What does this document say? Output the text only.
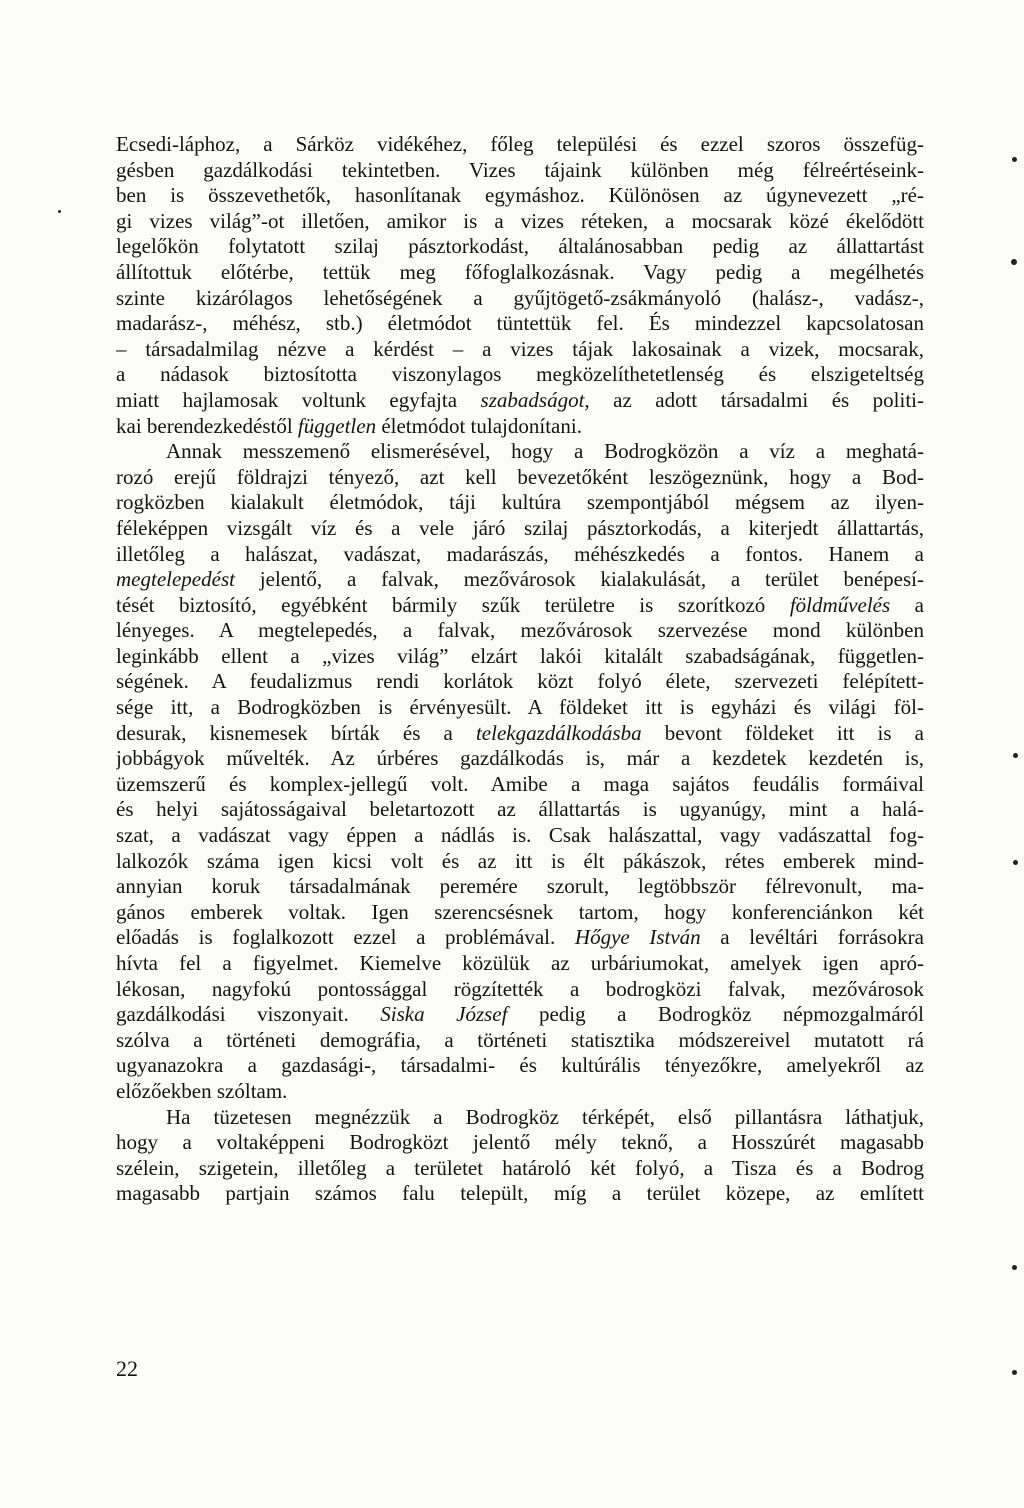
Ecsedi-láphoz, a Sárköz vidékéhez, főleg települési és ezzel szoros összefüg-
gésben gazdálkodási tekintetben. Vizes tájaink különben még félreértéseink-
ben is összevethetők, hasonlítanak egymáshoz. Különösen az úgynevezett „ré-
gi vizes világ”-ot illetően, amikor is a vizes réteken, a mocsarak közé ékelődött
legelőkön folytatott szilaj pásztorkodást, általánosabban pedig az állattartást
állítottuk előtérbe, tettük meg főfoglalkozásnak. Vagy pedig a megélhetés
szinte kizárólagos lehetőségének a gyűjtögető-zsákmányoló (halász-, vadász-,
madarász-, méhész, stb.) életmódot tüntettük fel. És mindezzel kapcsolatosan
– társadalmilag nézve a kérdést – a vizes tájak lakosainak a vizek, mocsarak,
a nádasok biztosította viszonylagos megközelíthetetlenség és elszigeteltség
miatt hajlamosak voltunk egyfajta szabadságot, az adott társadalmi és politi-
kai berendezkedéstől független életmódot tulajdonítani.
Annak messzemenő elismerésével, hogy a Bodrogközön a víz a meghatá-
rozó erejű földrajzi tényező, azt kell bevezetőként leszögeznünk, hogy a Bod-
rogközben kialakult életmódok, táji kultúra szempontjából mégsem az ilyen-
féleképpen vizsgált víz és a vele járó szilaj pásztorkodás, a kiterjedt állattartás,
illetőleg a halászat, vadászat, madarászás, méhészkedés a fontos. Hanem a
megtelepedést jelentő, a falvak, mezővárosok kialakulását, a terület benépesí-
tését biztosító, egyébként bármily szűk területre is szorítkozó földművelés a
lényeges. A megtelepedés, a falvak, mezővárosok szervezése mond különben
leginkább ellent a „vizes világ” elzárt lakói kitalált szabadságának, független-
ségének. A feudalizmus rendi korlátok közt folyó élete, szervezeti felépített-
sége itt, a Bodrogközben is érvényesült. A földeket itt is egyházi és világi föl-
desurak, kisnemesek bírták és a telekgazdálkodásba bevont földeket itt is a
jobbágyok művelték. Az úrbéres gazdálkodás is, már a kezdetek kezdetén is,
üzemszerű és komplex-jellegű volt. Amibe a maga sajátos feudális formáival
és helyi sajátosságaival beletartozott az állattartás is ugyanúgy, mint a halá-
szat, a vadászat vagy éppen a nádlás is. Csak halászattal, vagy vadászattal fog-
lalkozók száma igen kicsi volt és az itt is élt pákászok, rétes emberek mind-
annyian koruk társadalmának peremére szorult, legtöbbször félrevonult, ma-
gános emberek voltak. Igen szerencsésnek tartom, hogy konferenciánkon két
előadás is foglalkozott ezzel a problémával. Hőgye István a levéltári forrásokra
hívta fel a figyelmet. Kiemelve közülük az urbáriumokat, amelyek igen apró-
lékosan, nagyfokú pontossággal rögzítették a bodrogközi falvak, mezővárosok
gazdálkodási viszonyait. Siska József pedig a Bodrogköz népmozgalmáról
szólva a történeti demográfia, a történeti statisztika módszereivel mutatott rá
ugyanazokra a gazdasági-, társadalmi- és kultúrális tényezőkre, amelyekről az
előzőekben szóltam.
Ha tüzetesen megnézzük a Bodrogköz térképét, első pillantásra láthatjuk,
hogy a voltaképpeni Bodrogközt jelentő mély teknő, a Hosszúrét magasabb
szélein, szigetein, illetőleg a területet határoló két folyó, a Tisza és a Bodrog
magasabb partjain számos falu települt, míg a terület közepe, az említett
22
